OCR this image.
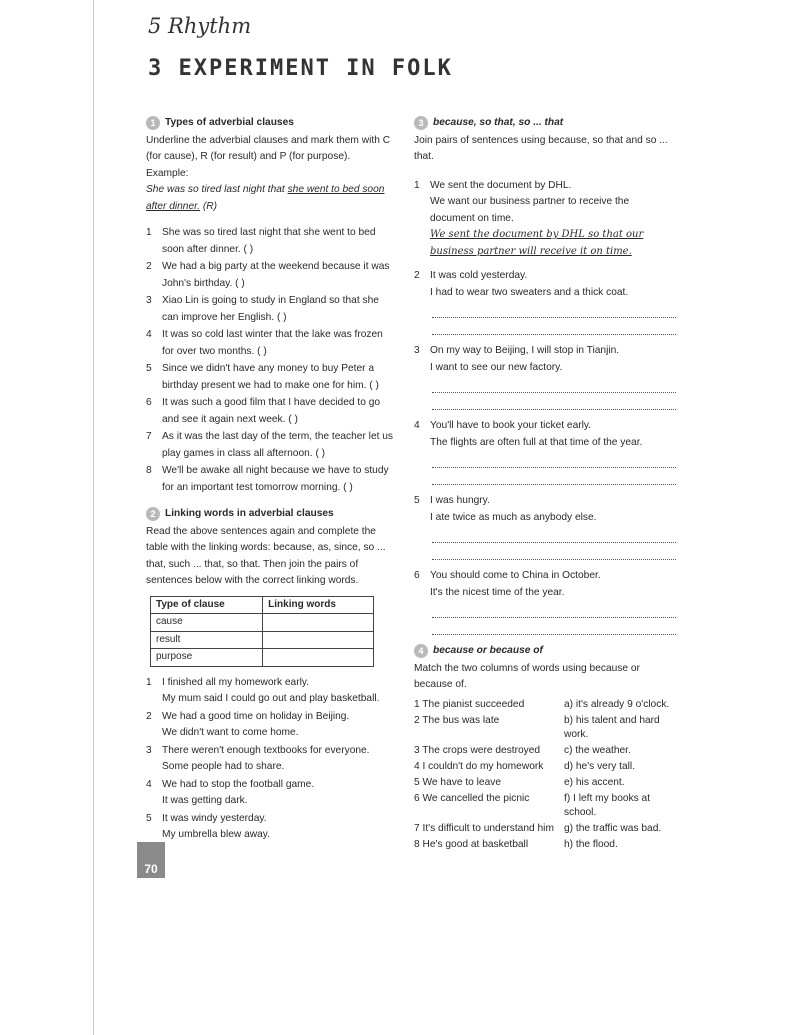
5 Rhythm
3 EXPERIMENT IN FOLK
1 Types of adverbial clauses

Underline the adverbial clauses and mark them with C (for cause), R (for result) and P (for purpose).

Example:

She was so tired last night that she went to bed soon after dinner. (R)

1	She was so tired last night that she went to bed soon after dinner. ( )
2	We had a big party at the weekend because it was John's birthday. ( )
3	Xiao Lin is going to study in England so that she can improve her English. ( )
4	It was so cold last winter that the lake was frozen for over two months. ( )
5	Since we didn't have any money to buy Peter a birthday present we had to make one for him. ( )
6	It was such a good film that I have decided to go and see it again next week. ( )
7	As it was the last day of the term, the teacher let us play games in class all afternoon. ( )
8	We'll be awake all night because we have to study for an important test tomorrow morning. ( )
2 Linking words in adverbial clauses

Read the above sentences again and complete the table with the linking words: because, as, since, so ... that, such ... that, so that. Then join the pairs of sentences below with the correct linking words.

Type of clause	Linking words
cause	
result	
purpose	
1	I finished all my homework early.
My mum said I could go out and play basketball.
2	We had a good time on holiday in Beijing.
We didn't want to come home.
3	There weren't enough textbooks for everyone.
Some people had to share.
4	We had to stop the football game.
It was getting dark.
5	It was windy yesterday.
My umbrella blew away.
3 because, so that, so ... that

Join pairs of sentences using because, so that and so ... that.

1	We sent the document by DHL.
We want our business partner to receive the document on time.
We sent the document by DHL so that our business partner will receive it on time.
2	It was cold yesterday.
I had to wear two sweaters and a thick coat.
3	On my way to Beijing, I will stop in Tianjin.
I want to see our new factory.
4	You'll have to book your ticket early.
The flights are often full at that time of the year.
5	I was hungry.
I ate twice as much as anybody else.
6	You should come to China in October.
It's the nicest time of the year.
4 because or because of

Match the two columns of words using because or because of.

1 The pianist succeeded	a) it's already 9 o'clock.
2 The bus was late	b) his talent and hard work.
3 The crops were destroyed	c) the weather.
4 I couldn't do my homework	d) he's very tall.
5 We have to leave	e) his accent.
6 We cancelled the picnic	f) I left my books at school.
7 It's difficult to understand him g) the traffic was bad.
8 He's good at basketball	h) the flood.
70
